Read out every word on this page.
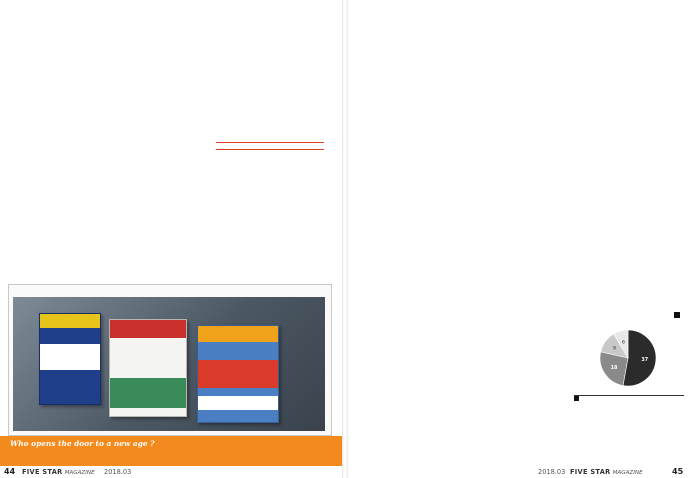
Who opens the door to a new age ?
44 FIVE STAR MAGAZINE 2018.03

37
18
9
6
FIVE STAR MAGAZINE
2018.03	45
